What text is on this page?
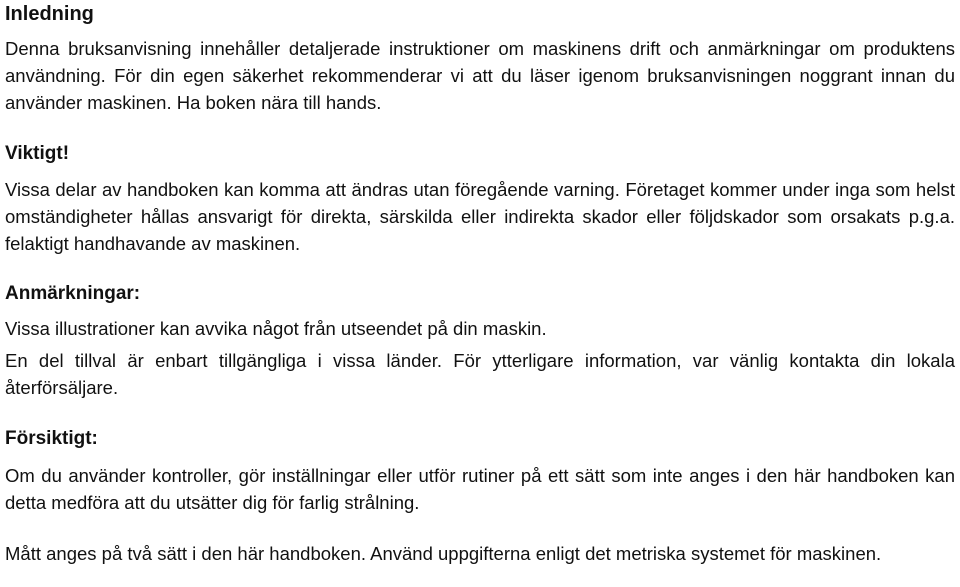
Inledning

Denna bruksanvisning innehåller detaljerade instruktioner om maskinens drift och anmärkningar om produktens användning. För din egen säkerhet rekommenderar vi att du läser igenom bruksanvisningen noggrant innan du använder maskinen. Ha boken nära till hands.

Viktigt!

Vissa delar av handboken kan komma att ändras utan föregående varning. Företaget kommer under inga som helst omständigheter hållas ansvarigt för direkta, särskilda eller indirekta skador eller följdskador som orsakats p.g.a. felaktigt handhavande av maskinen.

Anmärkningar:

Vissa illustrationer kan avvika något från utseendet på din maskin.

En del tillval är enbart tillgängliga i vissa länder. För ytterligare information, var vänlig kontakta din lokala återförsäljare.

Försiktigt:

Om du använder kontroller, gör inställningar eller utför rutiner på ett sätt som inte anges i den här handboken kan detta medföra att du utsätter dig för farlig strålning.

Mått anges på två sätt i den här handboken. Använd uppgifterna enligt det metriska systemet för maskinen.
